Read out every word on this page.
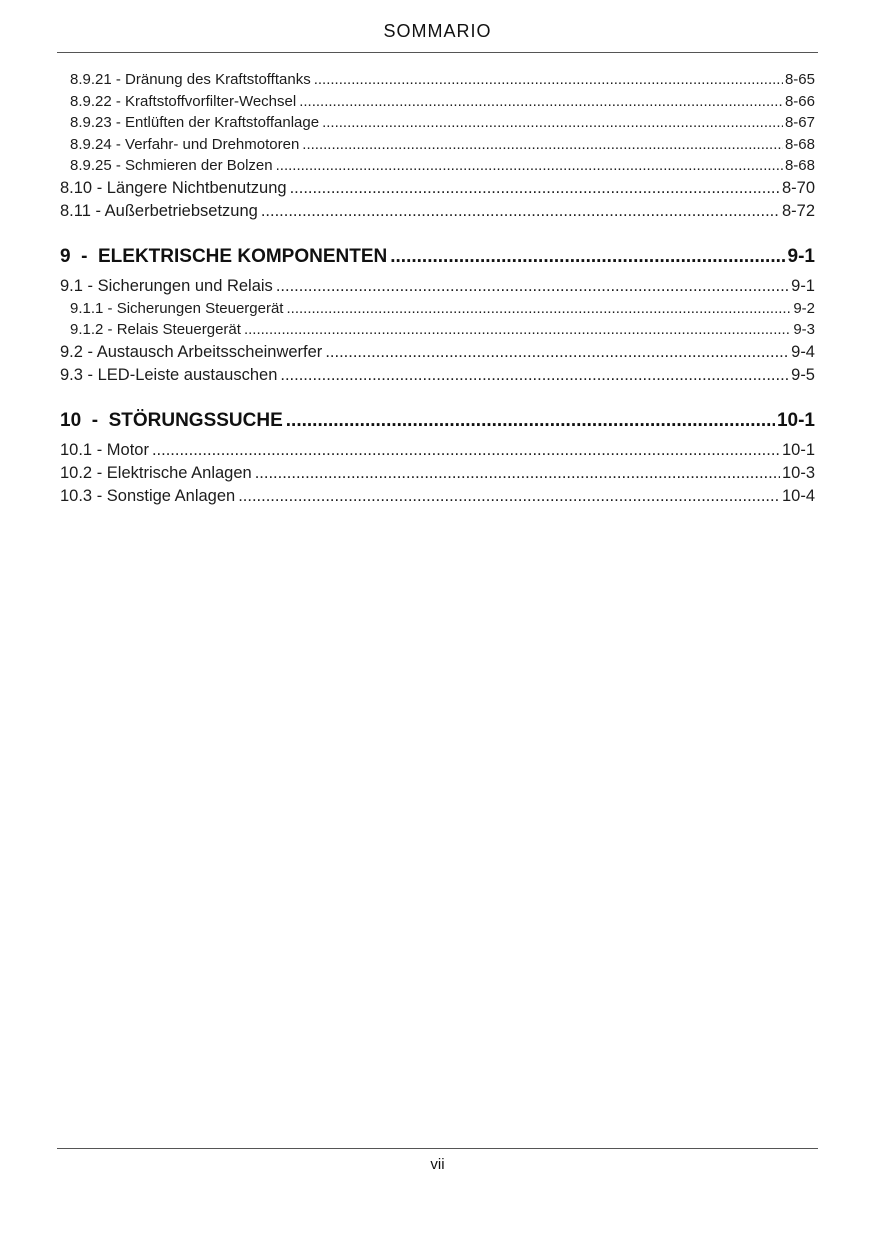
SOMMARIO
8.9.21 - Dränung des Kraftstofftanks .....	8-65
8.9.22 - Kraftstoffvorfilter-Wechsel .....	8-66
8.9.23 - Entlüften der Kraftstoffanlage .....	8-67
8.9.24 - Verfahr- und Drehmotoren .....	8-68
8.9.25 - Schmieren der Bolzen .....	8-68
8.10 - Längere Nichtbenutzung .....	8-70
8.11 - Außerbetriebsetzung .....	8-72
9  -  ELEKTRISCHE KOMPONENTEN .....	9-1
9.1 - Sicherungen und Relais .....	9-1
9.1.1 - Sicherungen Steuergerät .....	9-2
9.1.2 - Relais Steuergerät .....	9-3
9.2 - Austausch Arbeitsscheinwerfer .....	9-4
9.3 - LED-Leiste austauschen .....	9-5
10  -  STÖRUNGSSUCHE .....	10-1
10.1 - Motor .....	10-1
10.2 - Elektrische Anlagen .....	10-3
10.3 - Sonstige Anlagen .....	10-4
vii
